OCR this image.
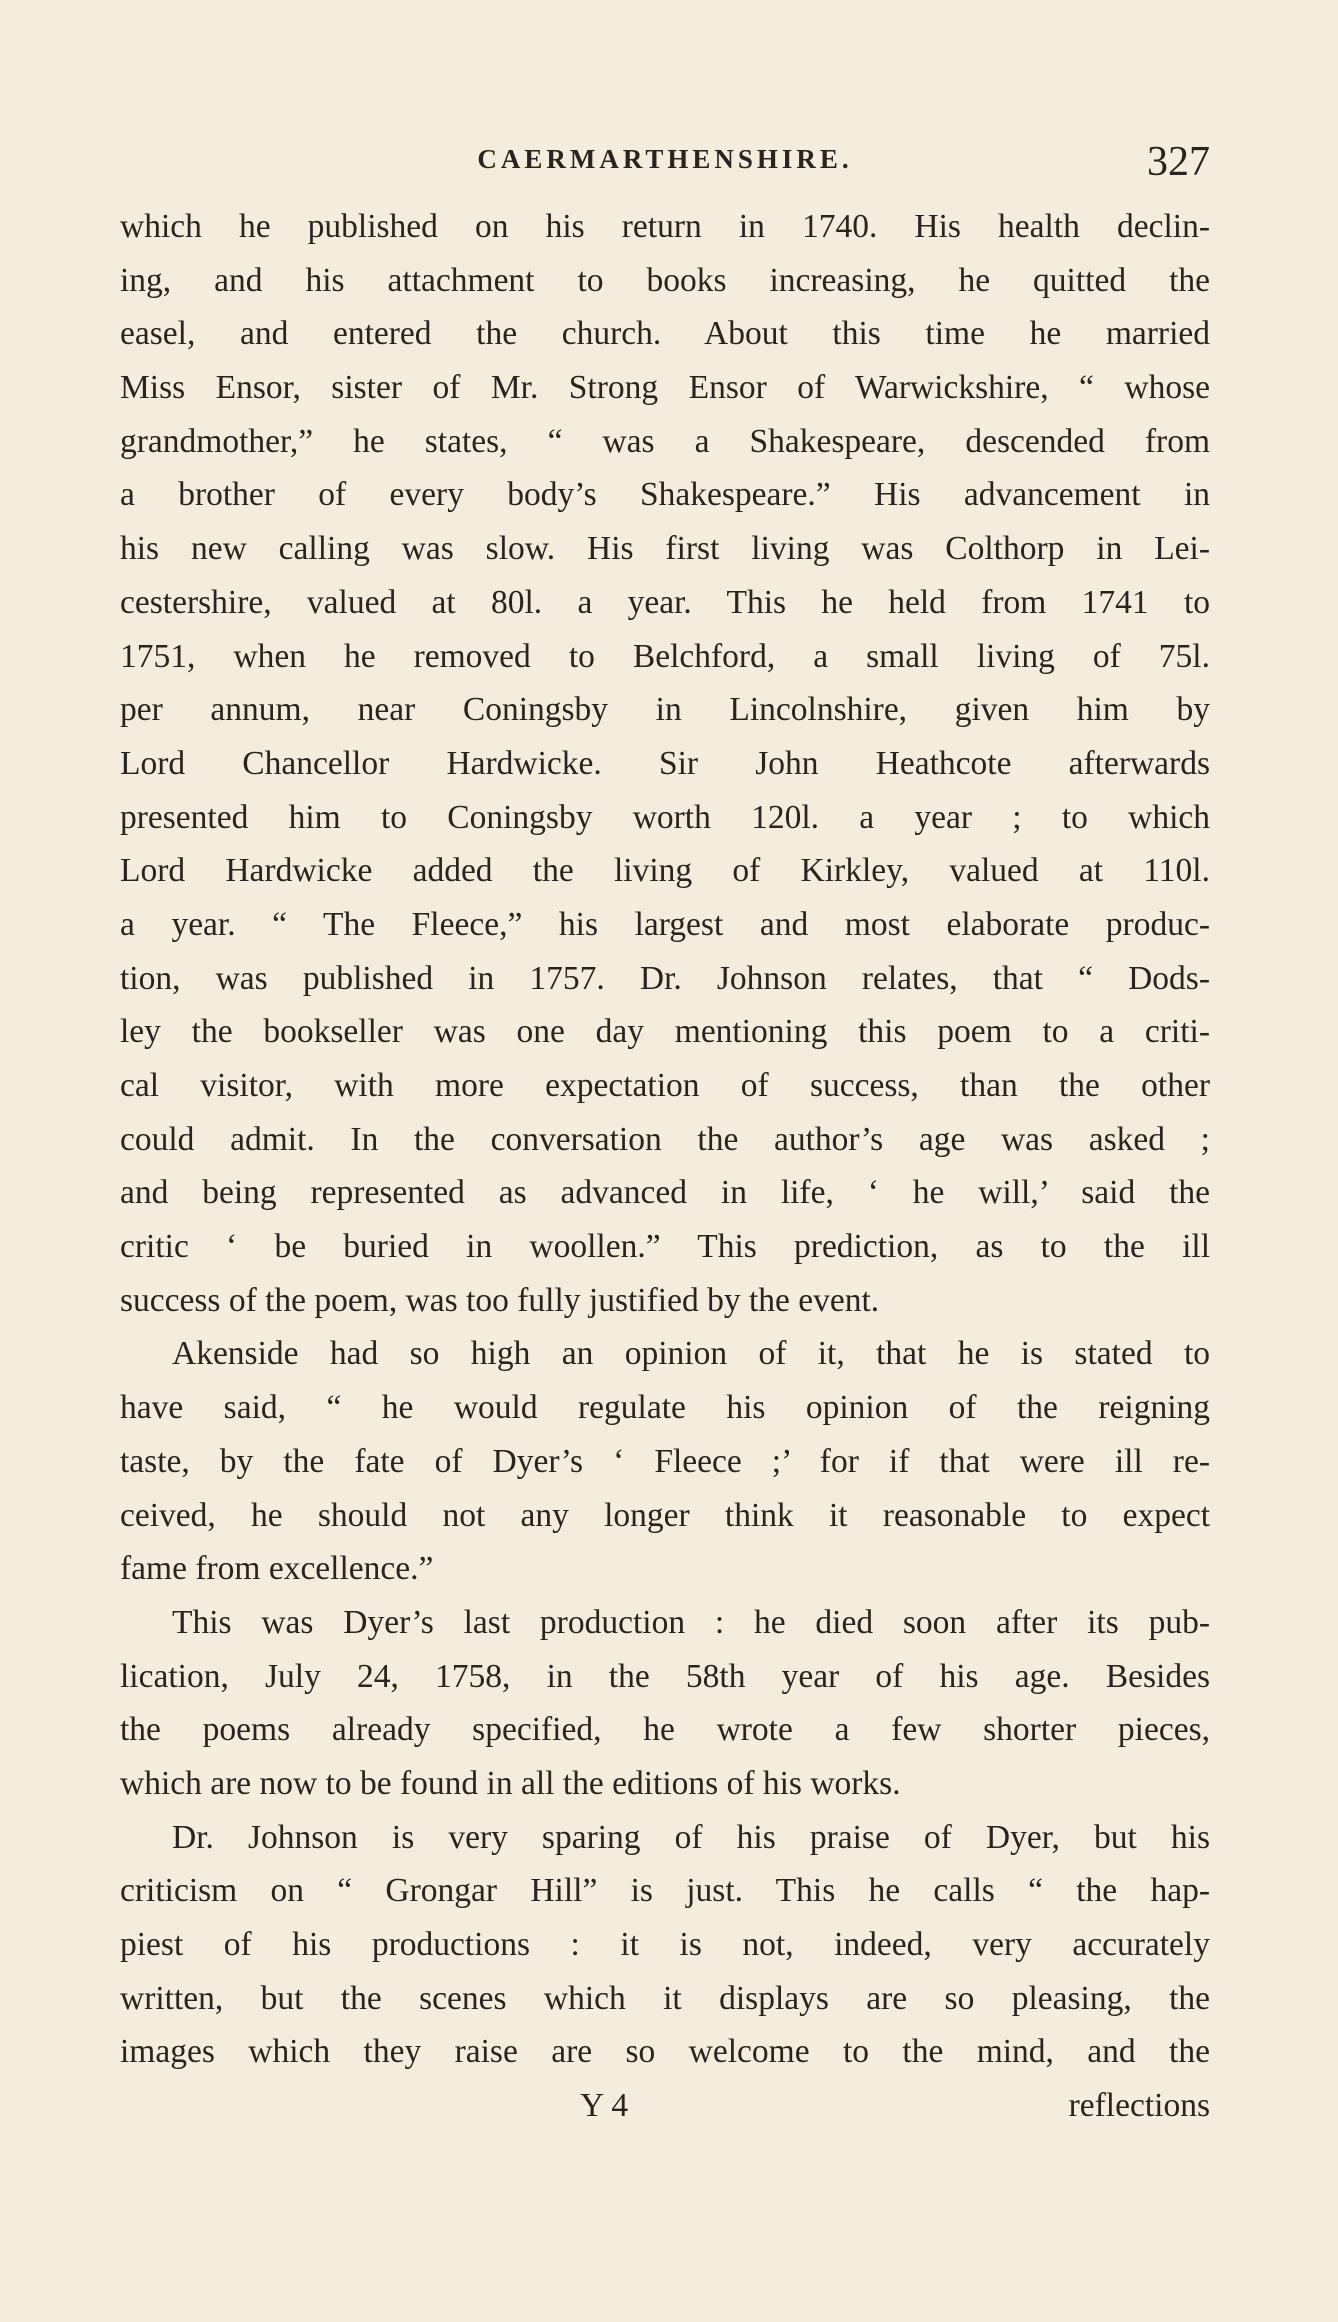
CAERMARTHENSHIRE.	327
which he published on his return in 1740. His health declin-
ing, and his attachment to books increasing, he quitted the
easel, and entered the church. About this time he married
Miss Ensor, sister of Mr. Strong Ensor of Warwickshire, “ whose
grandmother,” he states, “ was a Shakespeare, descended from
a brother of every body’s Shakespeare.” His advancement in
his new calling was slow. His first living was Colthorp in Lei-
cestershire, valued at 80l. a year. This he held from 1741 to
1751, when he removed to Belchford, a small living of 75l.
per annum, near Coningsby in Lincolnshire, given him by
Lord Chancellor Hardwicke. Sir John Heathcote afterwards
presented him to Coningsby worth 120l. a year ; to which
Lord Hardwicke added the living of Kirkley, valued at 110l.
a year. “ The Fleece,” his largest and most elaborate produc-
tion, was published in 1757. Dr. Johnson relates, that “ Dods-
ley the bookseller was one day mentioning this poem to a criti-
cal visitor, with more expectation of success, than the other
could admit. In the conversation the author’s age was asked ;
and being represented as advanced in life, ‘ he will,’ said the
critic ‘ be buried in woollen.” This prediction, as to the ill
success of the poem, was too fully justified by the event.
Akenside had so high an opinion of it, that he is stated to
have said, “ he would regulate his opinion of the reigning
taste, by the fate of Dyer’s ‘ Fleece ;’ for if that were ill re-
ceived, he should not any longer think it reasonable to expect
fame from excellence.”
This was Dyer’s last production : he died soon after its pub-
lication, July 24, 1758, in the 58th year of his age. Besides
the poems already specified, he wrote a few shorter pieces,
which are now to be found in all the editions of his works.
Dr. Johnson is very sparing of his praise of Dyer, but his
criticism on “ Grongar Hill” is just. This he calls “ the hap-
piest of his productions : it is not, indeed, very accurately
written, but the scenes which it displays are so pleasing, the
images which they raise are so welcome to the mind, and the
Y 4	reflections
